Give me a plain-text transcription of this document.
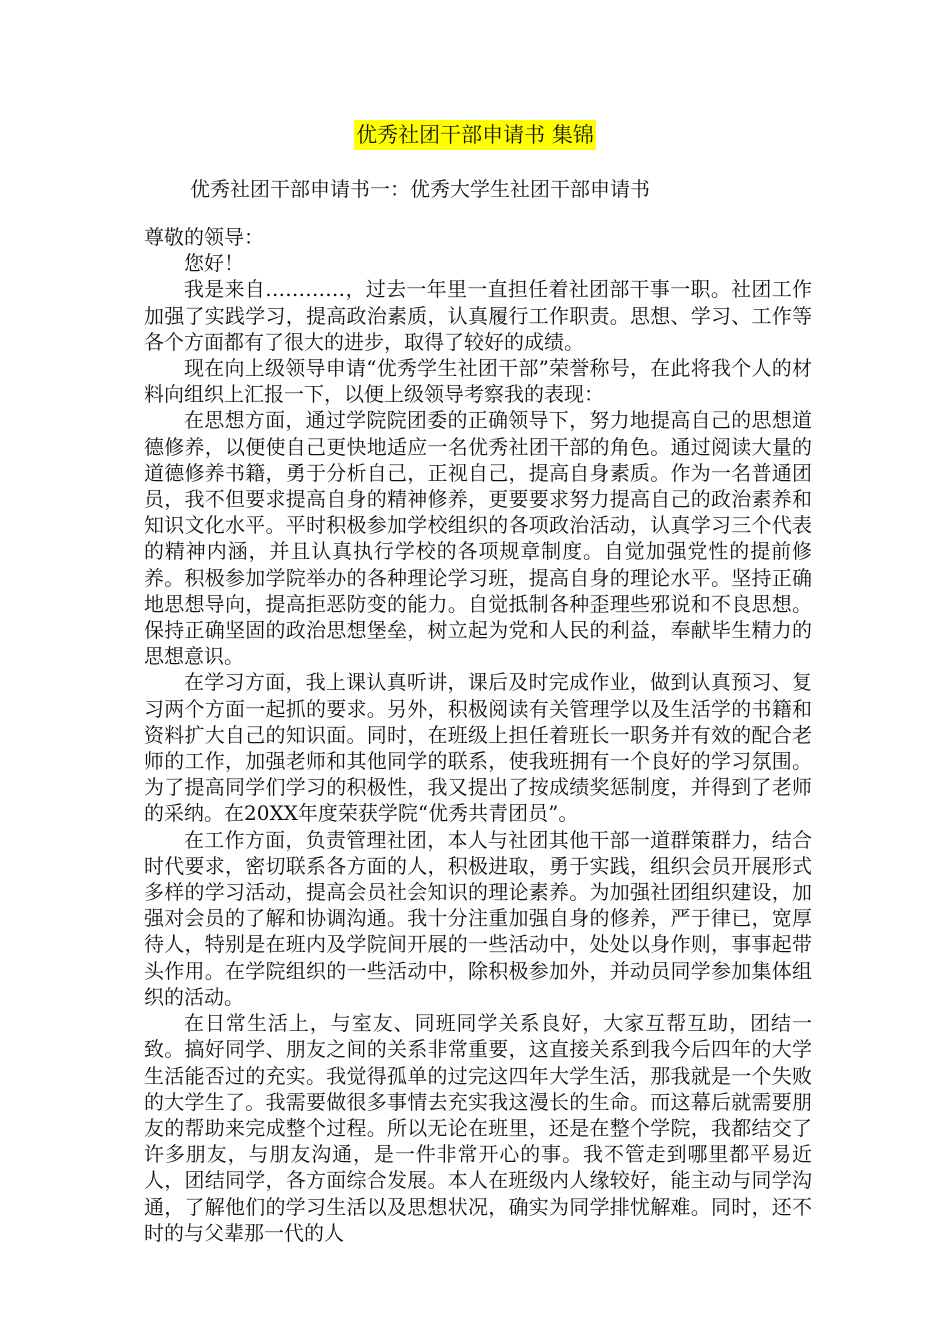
优秀社团干部申请书 集锦
优秀社团干部申请书一：优秀大学生社团干部申请书

尊敬的领导：

您好！

我是来自…………，过去一年里一直担任着社团部干事一职。社团工作加强了实践学习，提高政治素质，认真履行工作职责。思想、学习、工作等各个方面都有了很大的进步，取得了较好的成绩。

现在向上级领导申请“优秀学生社团干部”荣誉称号，在此将我个人的材料向组织上汇报一下，以便上级领导考察我的表现：

在思想方面，通过学院院团委的正确领导下，努力地提高自己的思想道德修养，以便使自己更快地适应一名优秀社团干部的角色。通过阅读大量的道德修养书籍，勇于分析自己，正视自己，提高自身素质。作为一名普通团员，我不但要求提高自身的精神修养，更要要求努力提高自己的政治素养和知识文化水平。平时积极参加学校组织的各项政治活动，认真学习三个代表的精神内涵，并且认真执行学校的各项规章制度。自觉加强党性的提前修养。积极参加学院举办的各种理论学习班，提高自身的理论水平。坚持正确地思想导向，提高拒恶防变的能力。自觉抵制各种歪理些邪说和不良思想。保持正确坚固的政治思想堡垒，树立起为党和人民的利益，奉献毕生精力的思想意识。

在学习方面，我上课认真听讲，课后及时完成作业，做到认真预习、复习两个方面一起抓的要求。另外，积极阅读有关管理学以及生活学的书籍和资料扩大自己的知识面。同时，在班级上担任着班长一职务并有效的配合老师的工作，加强老师和其他同学的联系，使我班拥有一个良好的学习氛围。为了提高同学们学习的积极性，我又提出了按成绩奖惩制度，并得到了老师的采纳。在20XX年度荣获学院“优秀共青团员”。

在工作方面，负责管理社团，本人与社团其他干部一道群策群力，结合时代要求，密切联系各方面的人，积极进取，勇于实践，组织会员开展形式多样的学习活动，提高会员社会知识的理论素养。为加强社团组织建设，加强对会员的了解和协调沟通。我十分注重加强自身的修养，严于律已，宽厚待人，特别是在班内及学院间开展的一些活动中，处处以身作则，事事起带头作用。在学院组织的一些活动中，除积极参加外，并动员同学参加集体组织的活动。

在日常生活上，与室友、同班同学关系良好，大家互帮互助，团结一致。搞好同学、朋友之间的关系非常重要，这直接关系到我今后四年的大学生活能否过的充实。我觉得孤单的过完这四年大学生活，那我就是一个失败的大学生了。我需要做很多事情去充实我这漫长的生命。而这幕后就需要朋友的帮助来完成整个过程。所以无论在班里，还是在整个学院，我都结交了许多朋友，与朋友沟通，是一件非常开心的事。我不管走到哪里都平易近人，团结同学，各方面综合发展。本人在班级内人缘较好，能主动与同学沟通，了解他们的学习生活以及思想状况，确实为同学排忧解难。同时，还不时的与父辈那一代的人
